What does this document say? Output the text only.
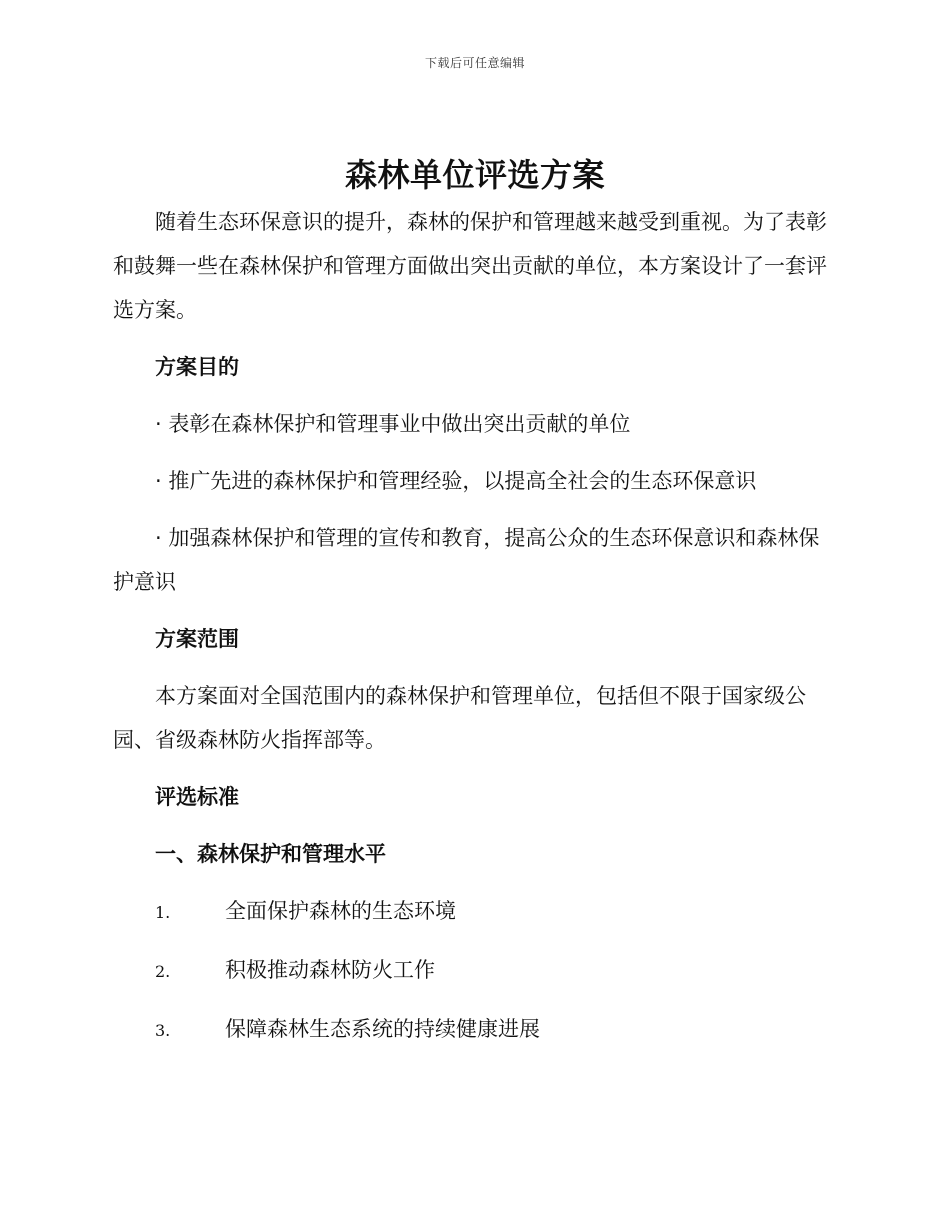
下载后可任意编辑
森林单位评选方案

随着生态环保意识的提升，森林的保护和管理越来越受到重视。为了表彰和鼓舞一些在森林保护和管理方面做出突出贡献的单位，本方案设计了一套评选方案。

方案目的

· 表彰在森林保护和管理事业中做出突出贡献的单位

· 推广先进的森林保护和管理经验，以提高全社会的生态环保意识

· 加强森林保护和管理的宣传和教育，提高公众的生态环保意识和森林保护意识

方案范围

本方案面对全国范围内的森林保护和管理单位，包括但不限于国家级公园、省级森林防火指挥部等。

评选标准

一、森林保护和管理水平

1.	全面保护森林的生态环境

2.	积极推动森林防火工作

3.	保障森林生态系统的持续健康进展
